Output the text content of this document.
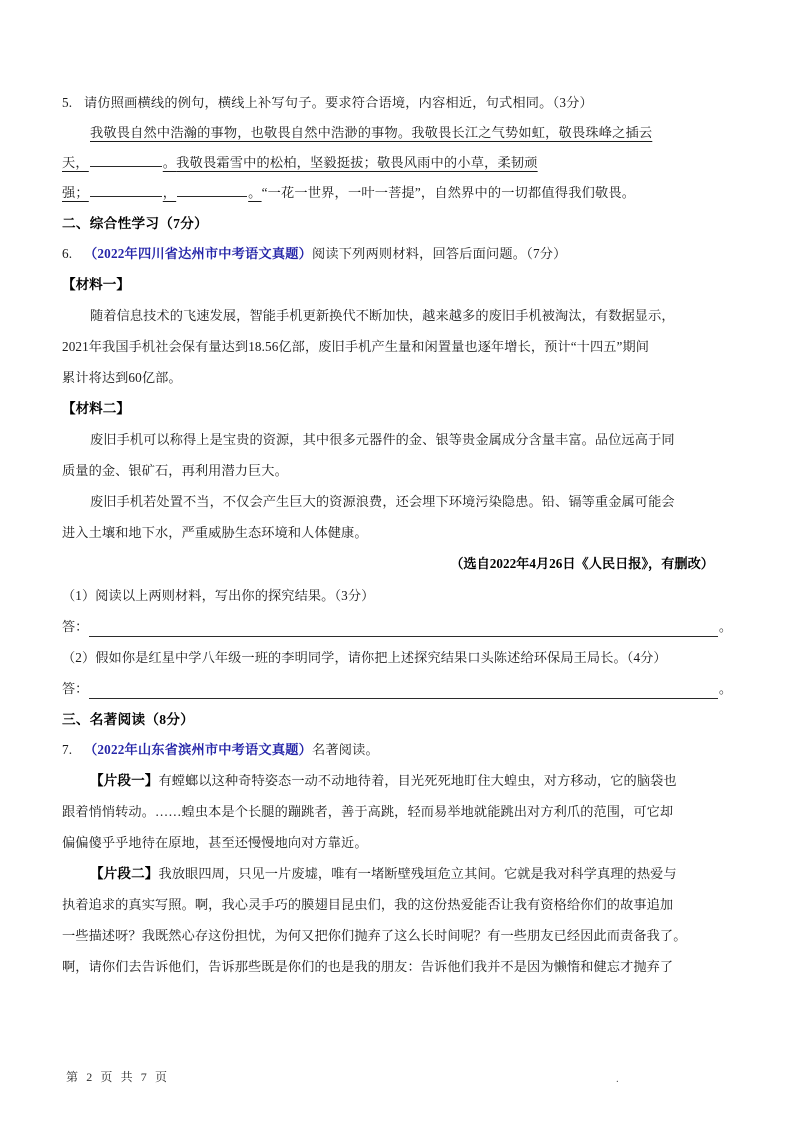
5. 请仿照画横线的例句，横线上补写句子。要求符合语境，内容相近，句式相同。（3分）
我敬畏自然中浩瀚的事物，也敬畏自然中浩渺的事物。我敬畏长江之气势如虹，敬畏珠峰之插云
天，	。我敬畏霜雪中的松柏，坚毅挺拔；敬畏风雨中的小草，柔韧顽
强；	，	。“一花一世界，一叶一菩提”，自然界中的一切都值得我们敬畏。
二、综合性学习（7分）
6. （2022年四川省达州市中考语文真题）阅读下列两则材料，回答后面问题。（7分）
【材料一】
随着信息技术的飞速发展，智能手机更新换代不断加快，越来越多的废旧手机被淘汰，有数据显示，
2021年我国手机社会保有量达到18.56亿部，废旧手机产生量和闲置量也逐年增长，预计“十四五”期间
累计将达到60亿部。
【材料二】
废旧手机可以称得上是宝贵的资源，其中很多元器件的金、银等贵金属成分含量丰富。品位远高于同
质量的金、银矿石，再利用潜力巨大。
废旧手机若处置不当，不仅会产生巨大的资源浪费，还会埋下环境污染隐患。铅、镉等重金属可能会
进入土壤和地下水，严重威胁生态环境和人体健康。
（选自2022年4月26日《人民日报》，有删改）
（1）阅读以上两则材料，写出你的探究结果。（3分）
答：	。
（2）假如你是红星中学八年级一班的李明同学，请你把上述探究结果口头陈述给环保局王局长。（4分）
答：	。
三、名著阅读（8分）
7. （2022年山东省滨州市中考语文真题）名著阅读。
【片段一】有螳螂以这种奇特姿态一动不动地待着，目光死死地盯住大蝗虫，对方移动，它的脑袋也
跟着悄悄转动。……蝗虫本是个长腿的蹦跳者，善于高跳，轻而易举地就能跳出对方利爪的范围，可它却
偏偏傻乎乎地待在原地，甚至还慢慢地向对方靠近。
【片段二】我放眼四周，只见一片废墟，唯有一堵断壁残垣危立其间。它就是我对科学真理的热爱与
执着追求的真实写照。啊，我心灵手巧的膜翅目昆虫们，我的这份热爱能否让我有资格给你们的故事追加
一些描述呀？我既然心存这份担忧，为何又把你们抛弃了这么长时间呢？有一些朋友已经因此而责备我了。
啊，请你们去告诉他们，告诉那些既是你们的也是我的朋友：告诉他们我并不是因为懒惰和健忘才抛弃了
第 2 页 共 7 页	.
